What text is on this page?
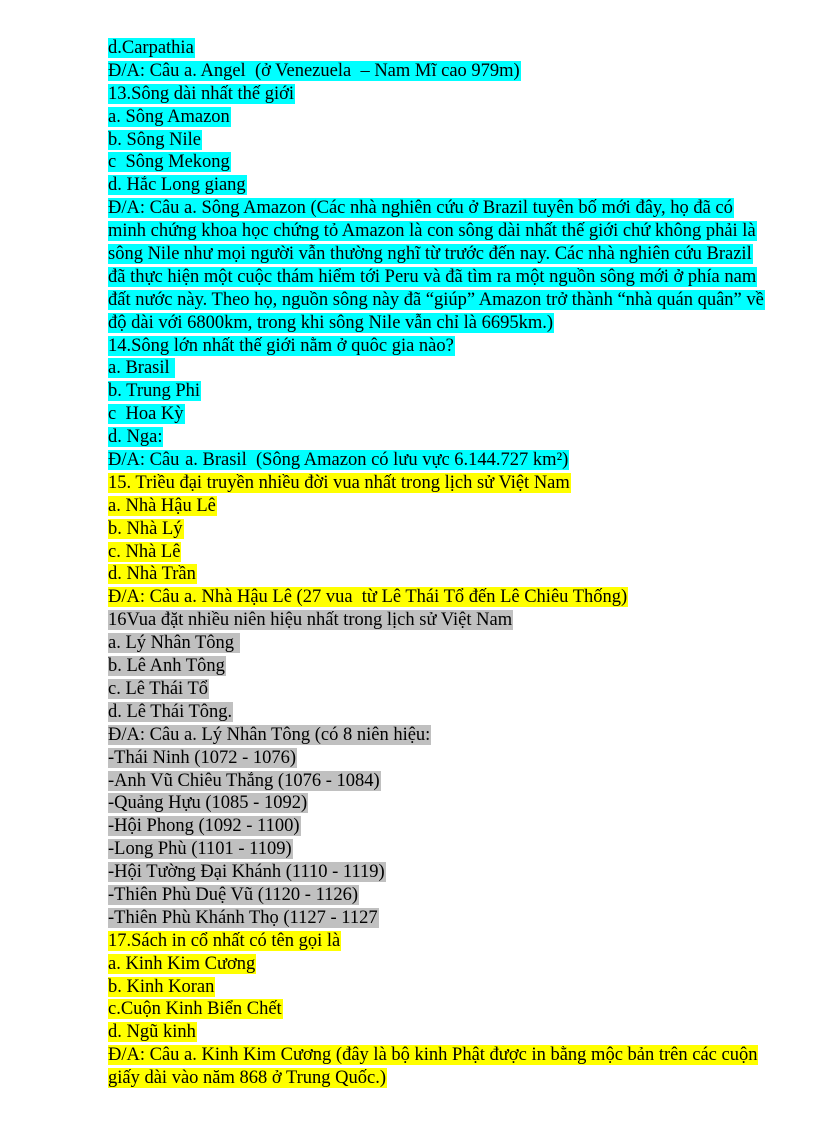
d.Carpathia
Đ/A: Câu a. Angel  (ở Venezuela  – Nam Mĩ cao 979m)
13.Sông dài nhất thế giới
a. Sông Amazon
b. Sông Nile
c  Sông Mekong
d. Hắc Long giang
Đ/A: Câu a. Sông Amazon (Các nhà nghiên cứu ở Brazil tuyên bố mới đây, họ đã có
minh chứng khoa học chứng tỏ Amazon là con sông dài nhất thế giới chứ không phải là
sông Nile như mọi người vẫn thường nghĩ từ trước đến nay. Các nhà nghiên cứu Brazil
đã thực hiện một cuộc thám hiểm tới Peru và đã tìm ra một nguồn sông mới ở phía nam
đất nước này. Theo họ, nguồn sông này đã “giúp” Amazon trở thành “nhà quán quân” về
độ dài với 6800km, trong khi sông Nile vẫn chỉ là 6695km.)
14.Sông lớn nhất thế giới nằm ở quôc gia nào?
a. Brasil
b. Trung Phi
c  Hoa Kỳ
d. Nga:
Đ/A: Câu a. Brasil  (Sông Amazon có lưu vực 6.144.727 km²)
15. Triều đại truyền nhiều đời vua nhất trong lịch sử Việt Nam
a. Nhà Hậu Lê
b. Nhà Lý
c. Nhà Lê
d. Nhà Trần
Đ/A: Câu a. Nhà Hậu Lê (27 vua  từ Lê Thái Tổ đến Lê Chiêu Thống)
16Vua đặt nhiều niên hiệu nhất trong lịch sử Việt Nam
a. Lý Nhân Tông
b. Lê Anh Tông
c. Lê Thái Tổ
d. Lê Thái Tông.
Đ/A: Câu a. Lý Nhân Tông (có 8 niên hiệu:
-Thái Ninh (1072 - 1076)
-Anh Vũ Chiêu Thắng (1076 - 1084)
-Quảng Hựu (1085 - 1092)
-Hội Phong (1092 - 1100)
-Long Phù (1101 - 1109)
-Hội Tường Đại Khánh (1110 - 1119)
-Thiên Phù Duệ Vũ (1120 - 1126)
-Thiên Phù Khánh Thọ (1127 - 1127
17.Sách in cổ nhất có tên gọi là
a. Kinh Kim Cương
b. Kinh Koran
c.Cuộn Kinh Biển Chết
d. Ngũ kinh
Đ/A: Câu a. Kinh Kim Cương (đây là bộ kinh Phật được in bằng mộc bản trên các cuộn
giấy dài vào năm 868 ở Trung Quốc.)
